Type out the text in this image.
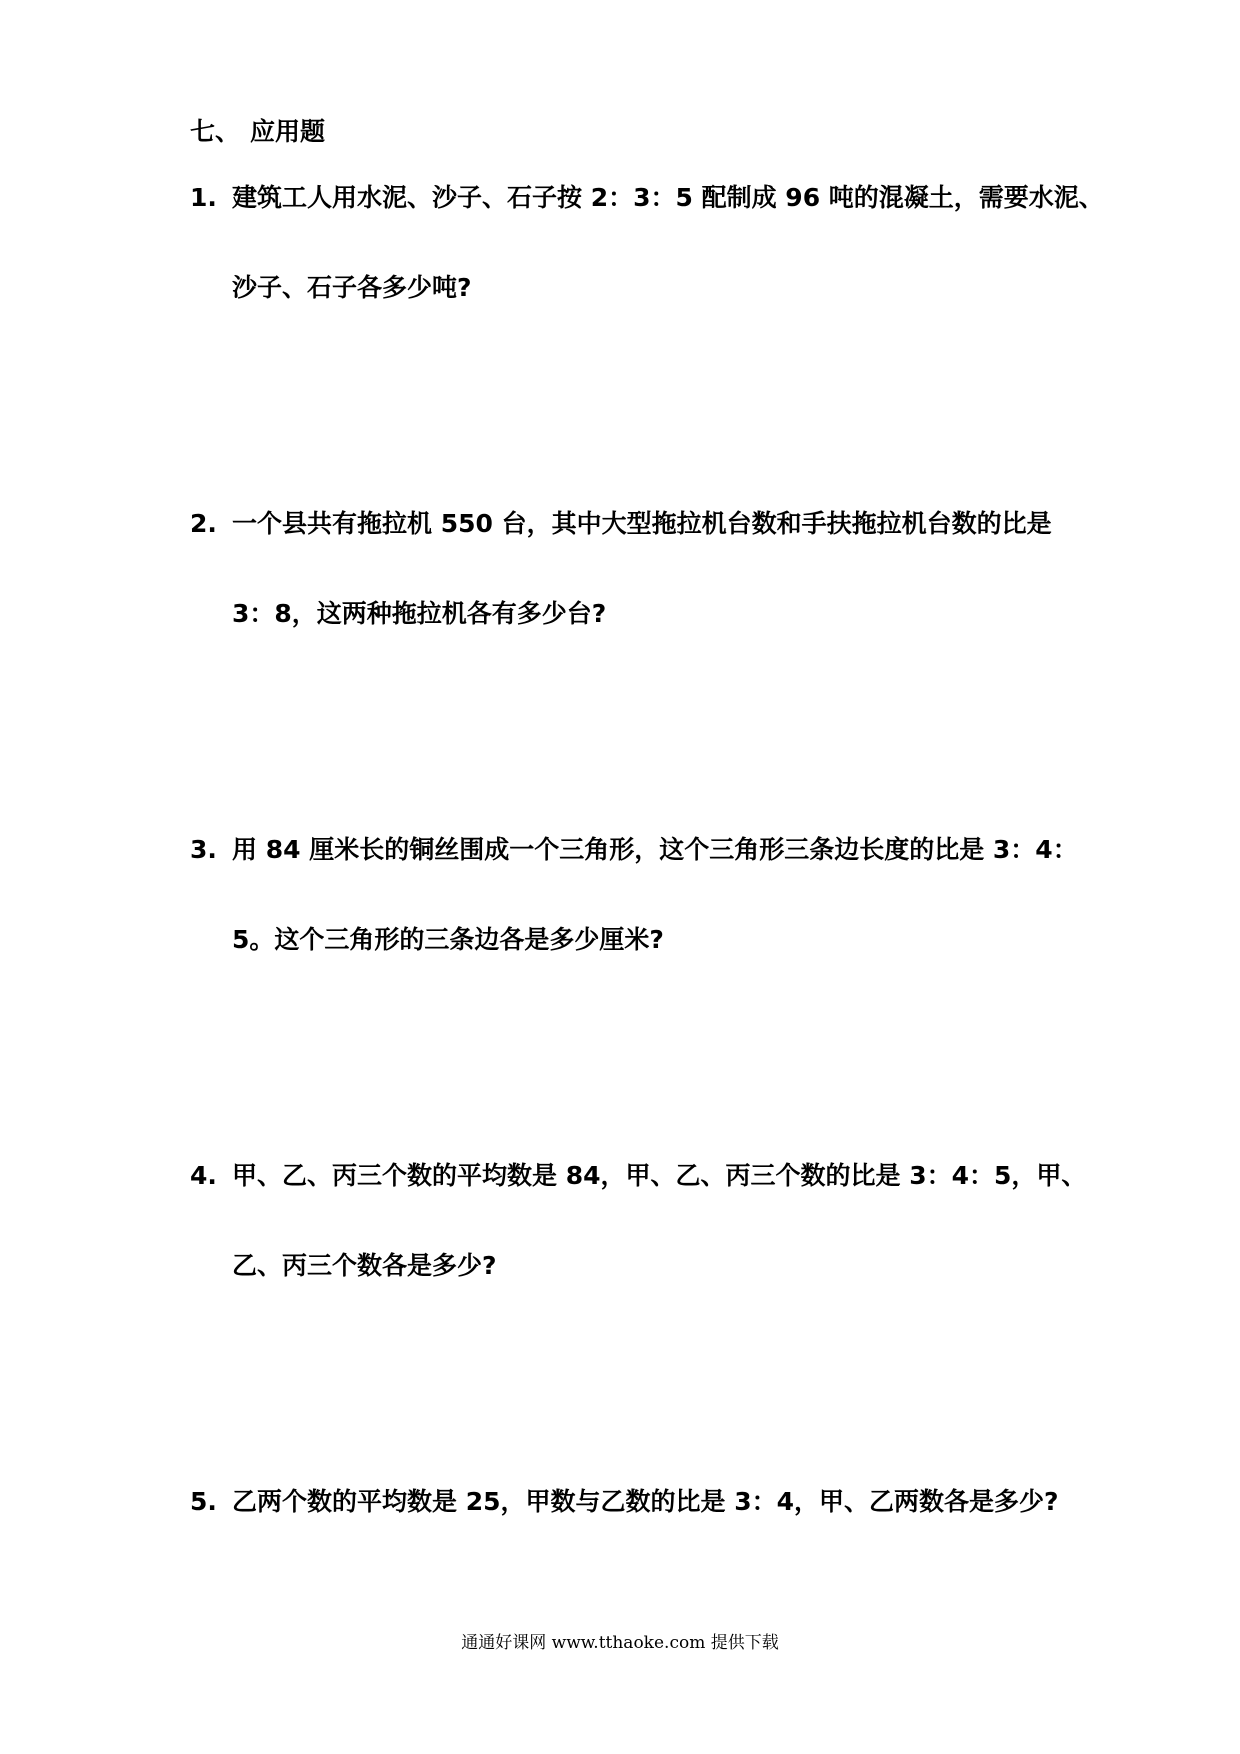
七、 应用题
1. 建筑工人用水泥、沙子、石子按 2：3：5 配制成 96 吨的混凝土，需要水泥、
沙子、石子各多少吨?
2. 一个县共有拖拉机 550 台，其中大型拖拉机台数和手扶拖拉机台数的比是
3：8，这两种拖拉机各有多少台?
3. 用 84 厘米长的铜丝围成一个三角形，这个三角形三条边长度的比是 3：4：
5。这个三角形的三条边各是多少厘米?
4. 甲、乙、丙三个数的平均数是 84，甲、乙、丙三个数的比是 3：4：5，甲、
乙、丙三个数各是多少?
5. 乙两个数的平均数是 25，甲数与乙数的比是 3：4，甲、乙两数各是多少?
通通好课网 www.tthaoke.com 提供下载
